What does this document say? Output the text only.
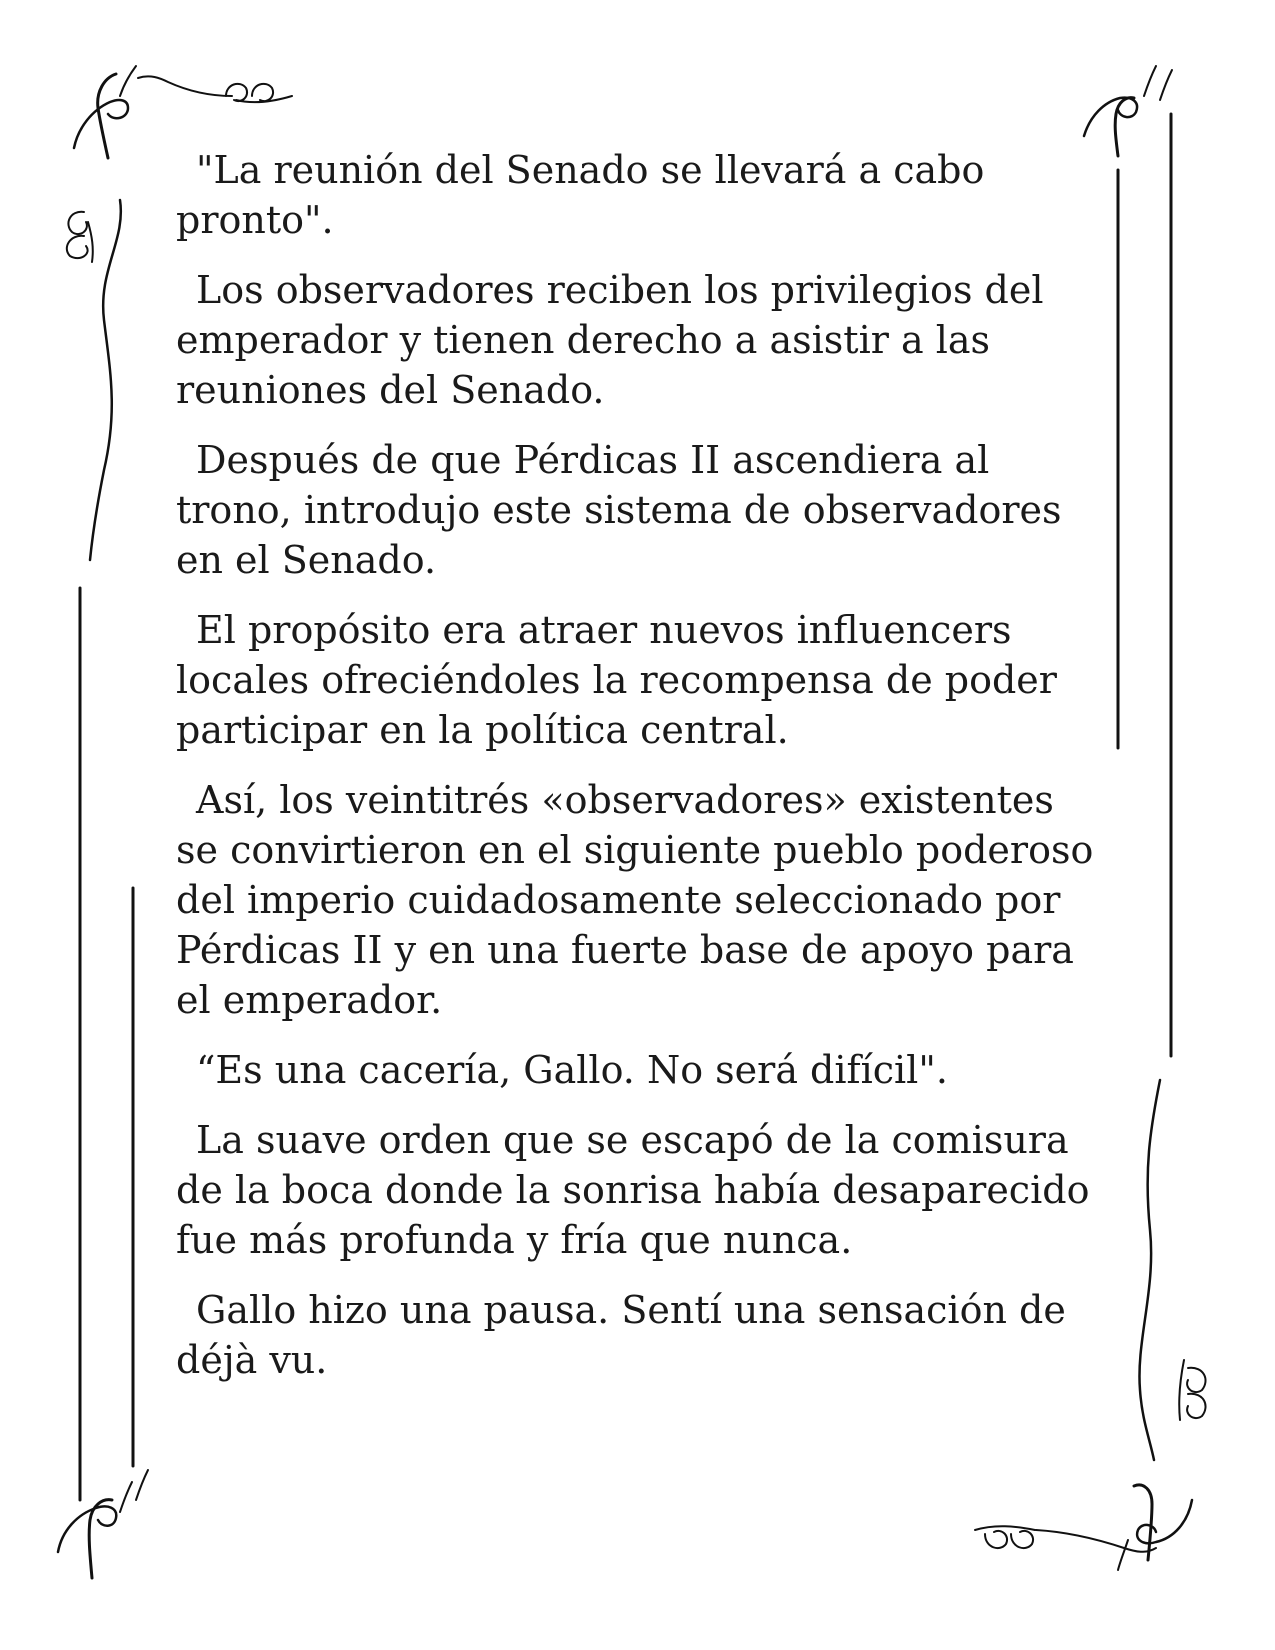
"La reunión del Senado se llevará a cabo pronto".

Los observadores reciben los privilegios del emperador y tienen derecho a asistir a las reuniones del Senado.

Después de que Pérdicas II ascendiera al trono, introdujo este sistema de observadores en el Senado.

El propósito era atraer nuevos influencers locales ofreciéndoles la recompensa de poder participar en la política central.

Así, los veintitrés «observadores» existentes se convirtieron en el siguiente pueblo poderoso del imperio cuidadosamente seleccionado por Pérdicas II y en una fuerte base de apoyo para el emperador.

“Es una cacería, Gallo. No será difícil".

La suave orden que se escapó de la comisura de la boca donde la sonrisa había desaparecido fue más profunda y fría que nunca.

Gallo hizo una pausa. Sentí una sensación de déjà vu.
